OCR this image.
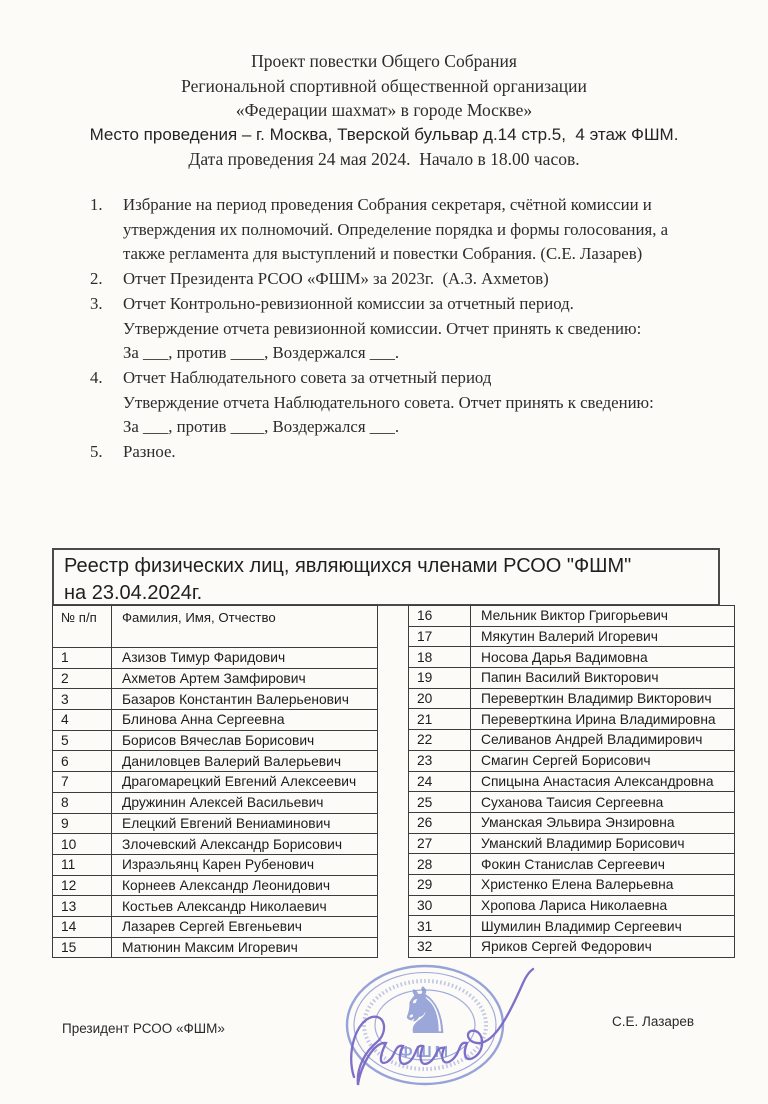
Проект повестки Общего Собрания
Региональной спортивной общественной организации
«Федерации шахмат» в городе Москве»
Место проведения – г. Москва, Тверской бульвар д.14 стр.5,  4 этаж ФШМ.
Дата проведения 24 мая 2024.  Начало в 18.00 часов.
1.	Избрание на период проведения Собрания секретаря, счётной комиссии и
утверждения их полномочий. Определение порядка и формы голосования, а
также регламента для выступлений и повестки Собрания. (С.Е. Лазарев)
2.	Отчет Президента РСОО «ФШМ» за 2023г.  (А.З. Ахметов)
3.	Отчет Контрольно-ревизионной комиссии за отчетный период.
Утверждение отчета ревизионной комиссии. Отчет принять к сведению:
За ___, против ____, Воздержался ___.
4.	Отчет Наблюдательного совета за отчетный период
Утверждение отчета Наблюдательного совета. Отчет принять к сведению:
За ___, против ____, Воздержался ___.
5.	Разное.
Реестр физических лиц, являющихся членами РСОО "ФШМ"
на 23.04.2024г.
№ п/п	Фамилия, Имя, Отчество
1	Азизов Тимур Фаридович
2	Ахметов Артем Замфирович
3	Базаров Константин Валерьенович
4	Блинова Анна Сергеевна
5	Борисов Вячеслав Борисович
6	Даниловцев Валерий Валерьевич
7	Драгомарецкий Евгений Алексеевич
8	Дружинин Алексей Васильевич
9	Елецкий Евгений Вениаминович
10	Злочевский Александр Борисович
11	Израэльянц Карен Рубенович
12	Корнеев Александр Леонидович
13	Костьев Александр Николаевич
14	Лазарев Сергей Евгеньевич
15	Матюнин Максим Игоревич
16	Мельник Виктор Григорьевич
17	Мякутин Валерий Игоревич
18	Носова Дарья Вадимовна
19	Папин Василий Викторович
20	Переверткин Владимир Викторович
21	Переверткина Ирина Владимировна
22	Селиванов Андрей Владимирович
23	Смагин Сергей Борисович
24	Спицына Анастасия Александровна
25	Суханова Таисия Сергеевна
26	Уманская Эльвира Энзировна
27	Уманский Владимир Борисович
28	Фокин Станислав Сергеевич
29	Христенко Елена Валерьевна
30	Хропова Лариса Николаевна
31	Шумилин Владимир Сергеевич
32	Яриков Сергей Федорович
♞
ФШМ
Президент РСОО «ФШМ»	С.Е. Лазарев
